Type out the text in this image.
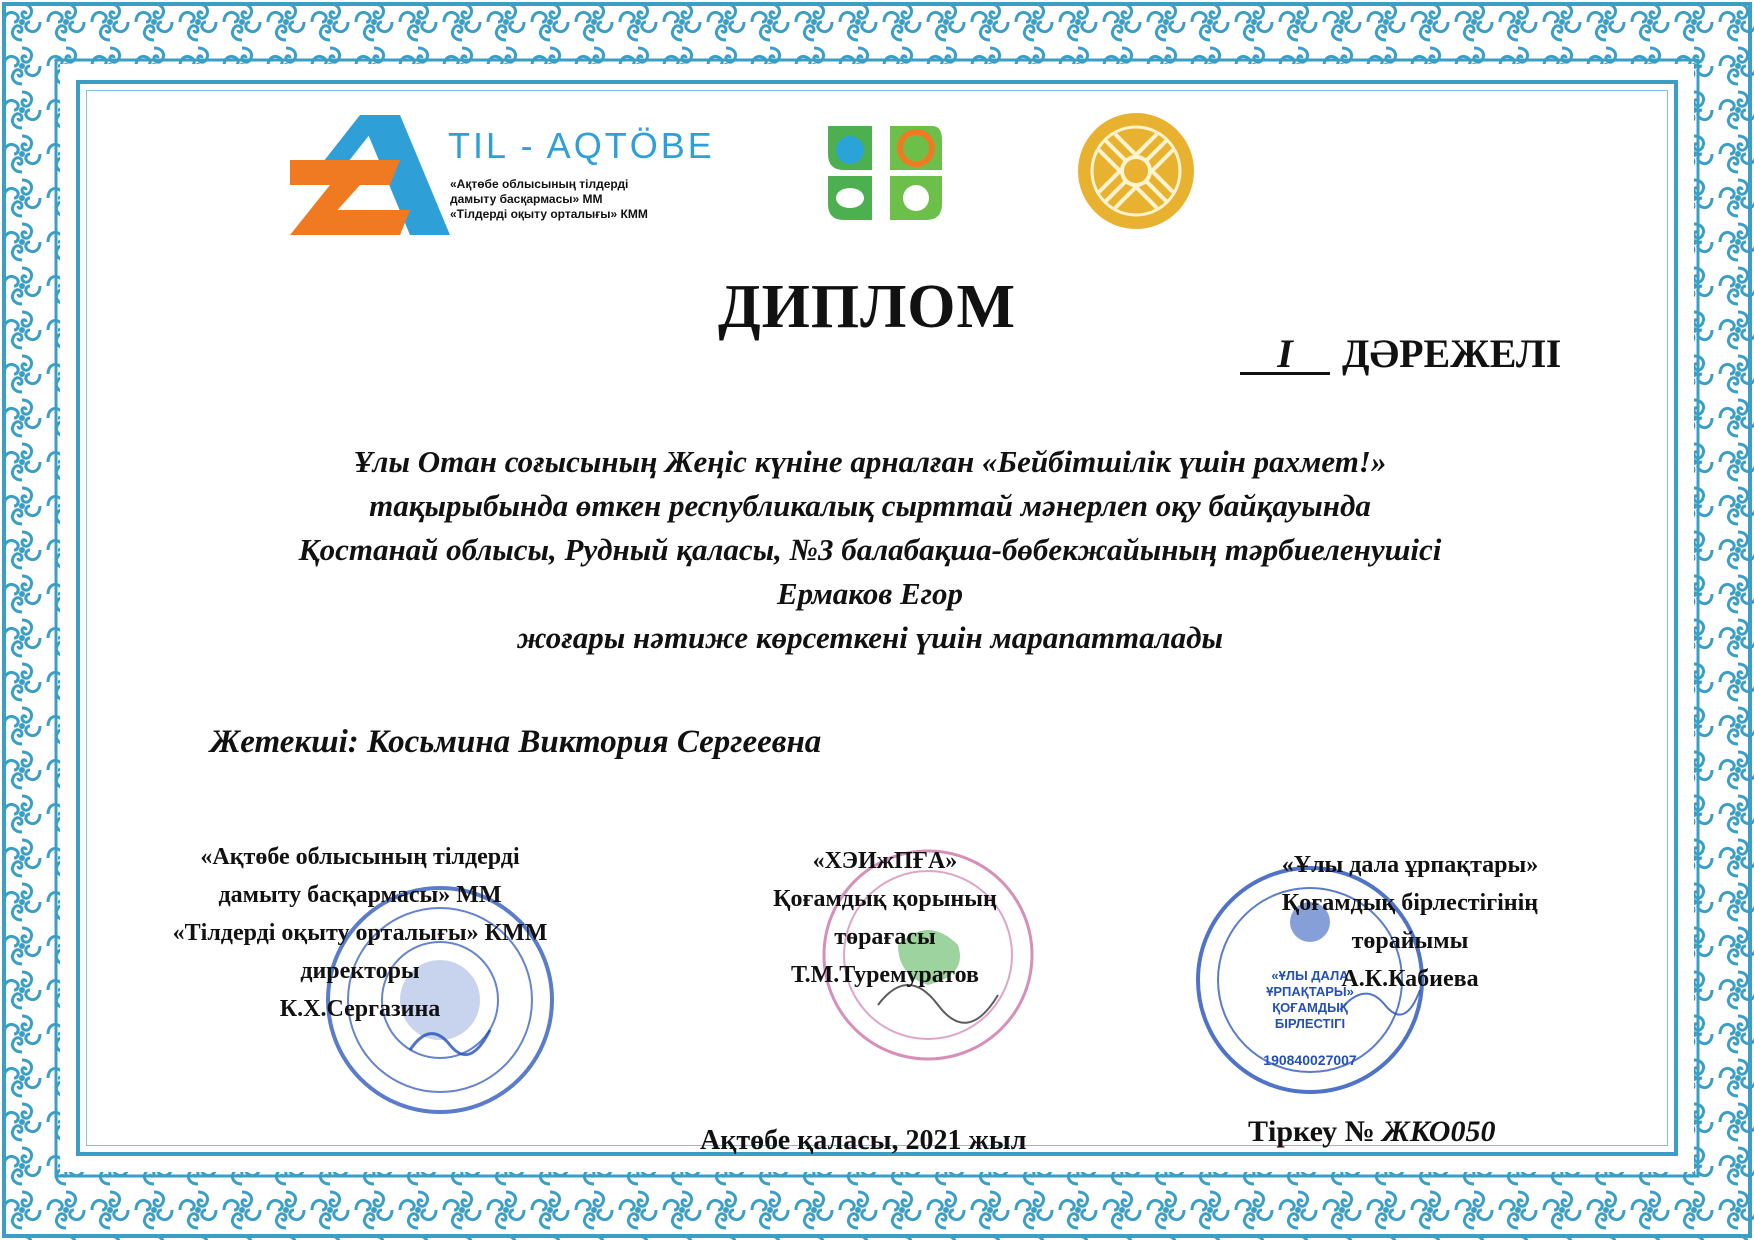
TIL - AQTÖBE
«Ақтөбе облысының тілдерді
дамыту басқармасы» ММ
«Тілдерді оқыту орталығы» КММ
ДИПЛОМ
I ДӘРЕЖЕЛІ
Ұлы Отан соғысының Жеңіс күніне арналған «Бейбітшілік үшін рахмет!»
тақырыбында өткен республикалық сырттай мәнерлеп оқу байқауында
Қостанай облысы, Рудный қаласы, №3 балабақша-бөбекжайының тәрбиеленушісі
Ермаков Егор
жоғары нәтиже көрсеткені үшін марапатталады
Жетекші: Косьмина Виктория Сергеевна
«ҰЛЫ ДАЛА
ҰРПАҚТАРЫ»
ҚОҒАМДЫҚ
БІРЛЕСТІГІ
190840027007
«Ақтөбе облысының тілдерді
дамыту басқармасы» ММ
«Тілдерді оқыту орталығы» КММ
директоры
К.Х.Сергазина
«ХЭИжПҒА»
Қоғамдық қорының
төрағасы
Т.М.Туремуратов
«Ұлы дала ұрпақтары»
Қоғамдық бірлестігінің
төрайымы
А.К.Кабиева
Ақтөбе қаласы, 2021 жыл	Тіркеу № ЖКО050
